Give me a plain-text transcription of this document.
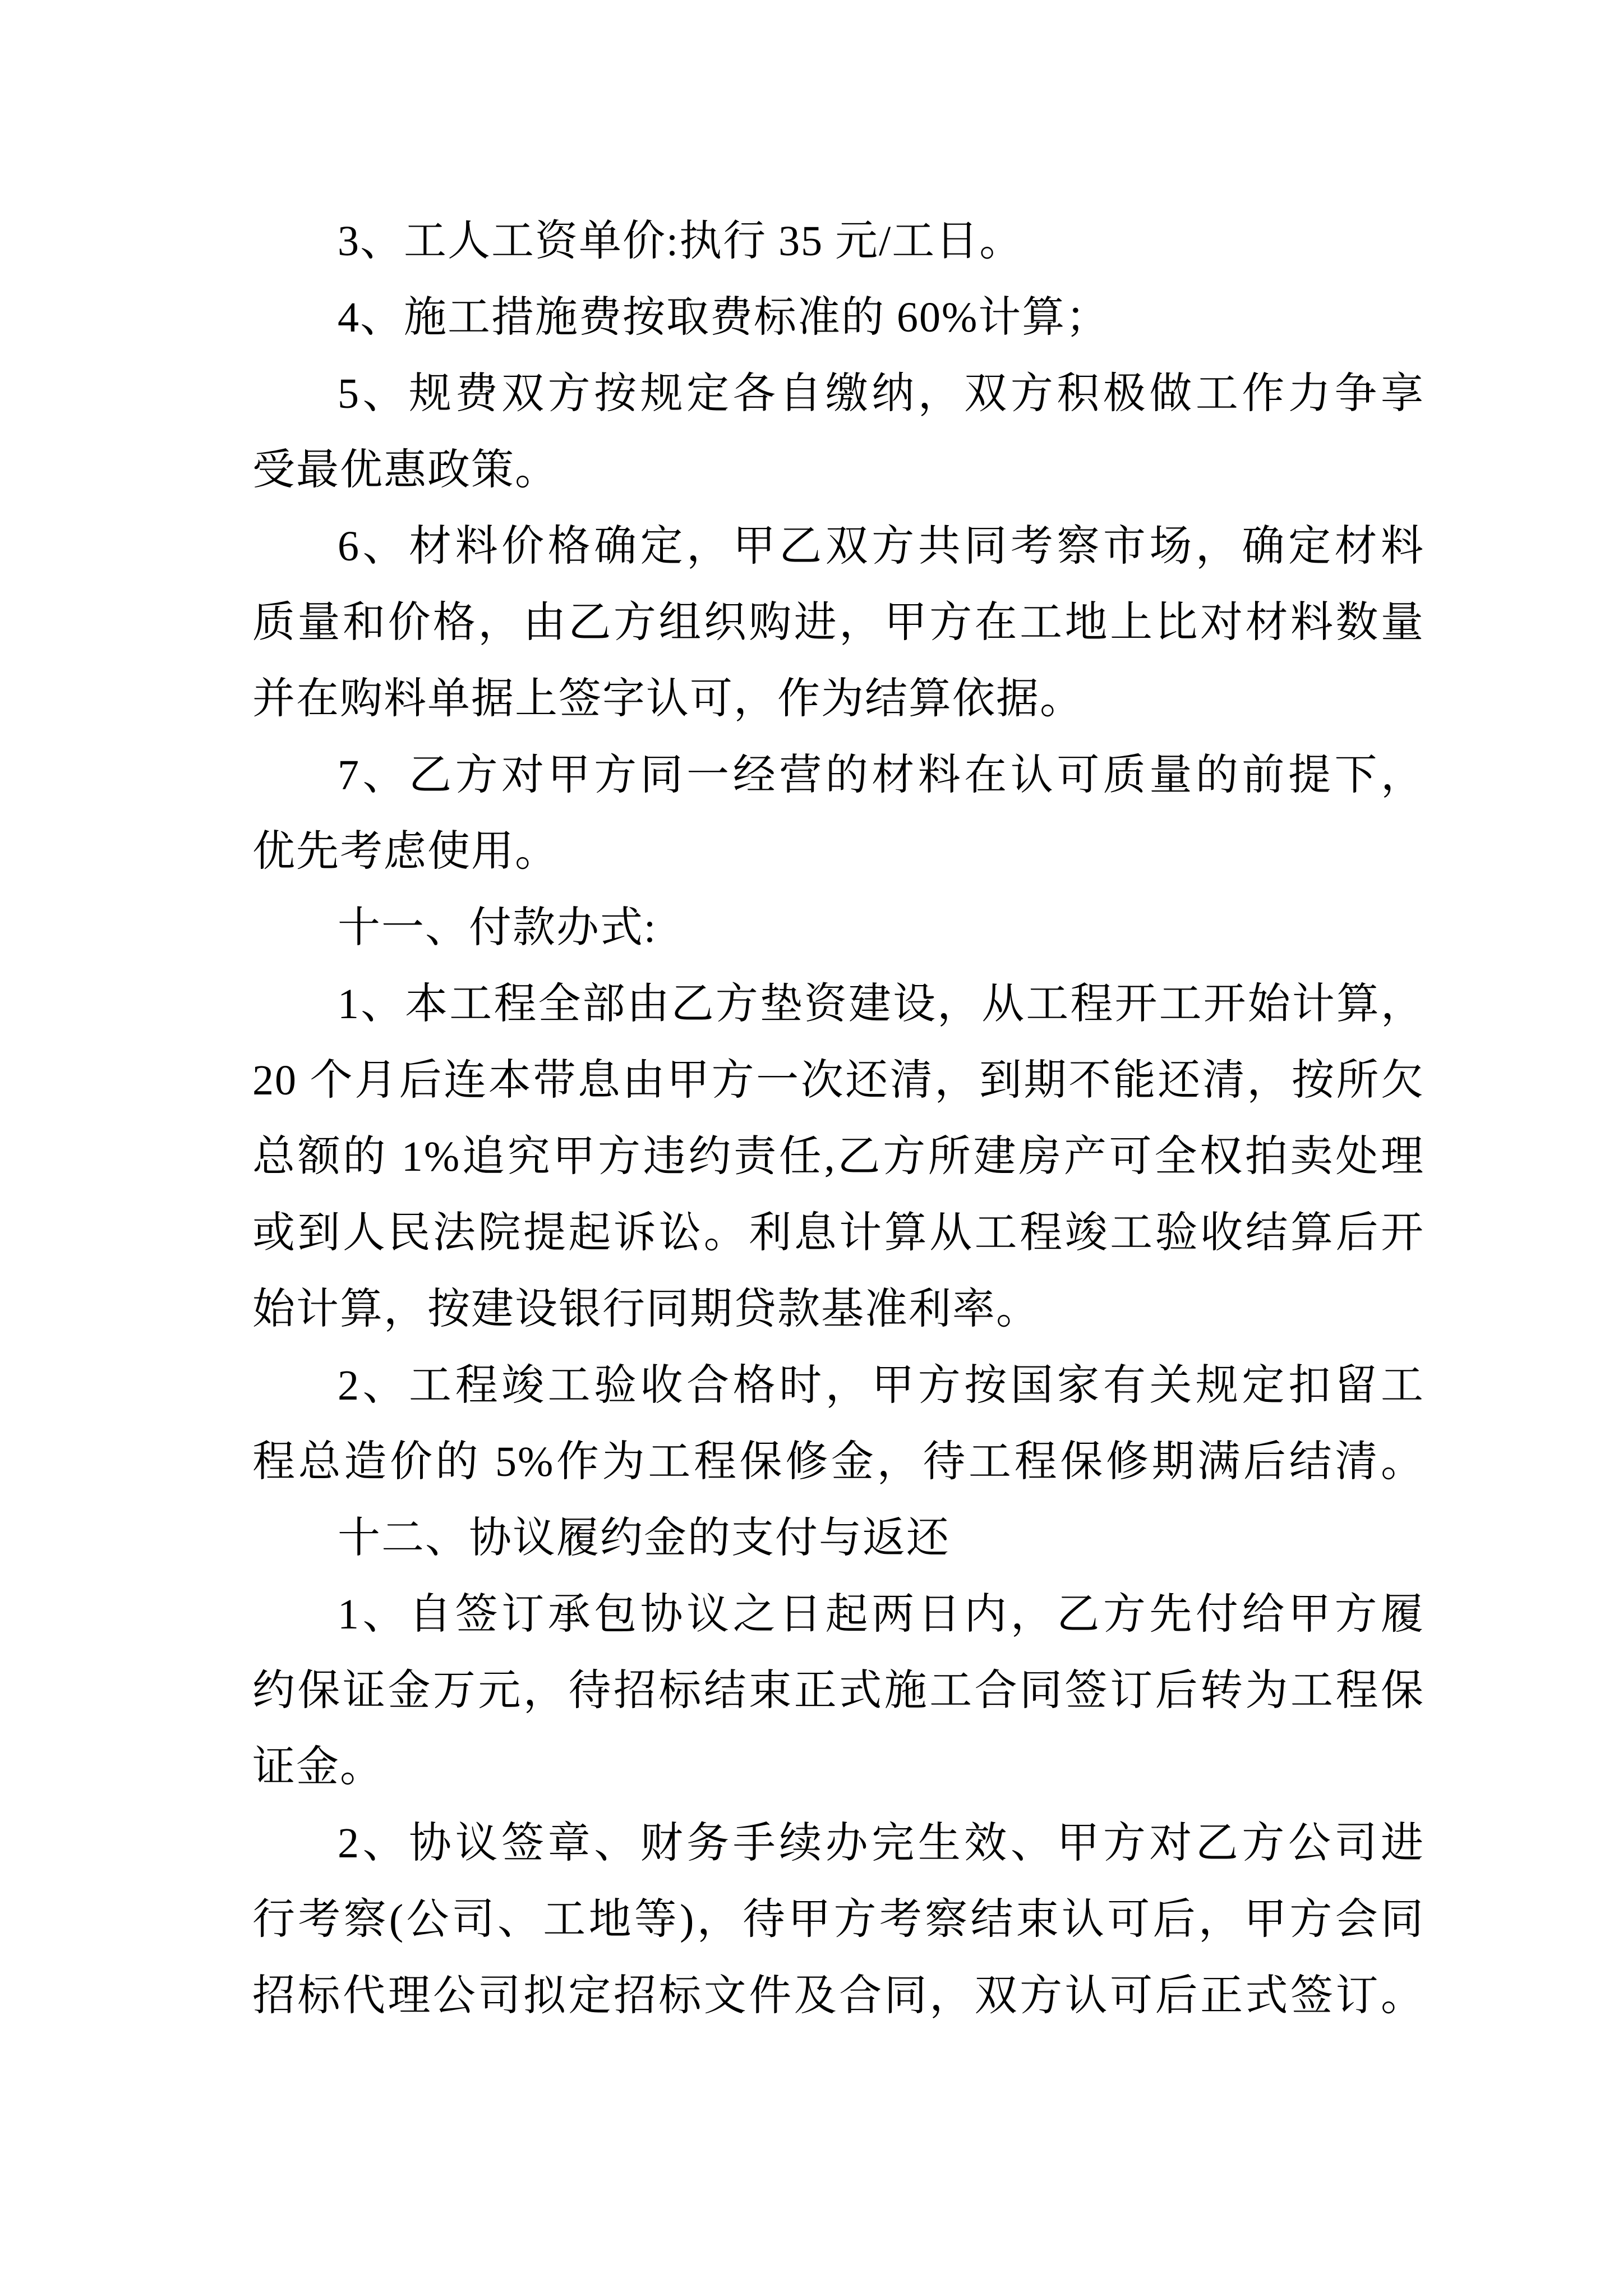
3、工人工资单价:执行 35 元/工日。
4、施工措施费按取费标准的 60%计算；
5、规费双方按规定各自缴纳，双方积极做工作力争享
受最优惠政策。
6、材料价格确定，甲乙双方共同考察市场，确定材料
质量和价格，由乙方组织购进，甲方在工地上比对材料数量
并在购料单据上签字认可，作为结算依据。
7、乙方对甲方同一经营的材料在认可质量的前提下，
优先考虑使用。
十一、付款办式:
1、本工程全部由乙方垫资建设，从工程开工开始计算，
20 个月后连本带息由甲方一次还清，到期不能还清，按所欠
总额的 1%追究甲方违约责任,乙方所建房产可全权拍卖处理
或到人民法院提起诉讼。利息计算从工程竣工验收结算后开
始计算，按建设银行同期贷款基准利率。
2、工程竣工验收合格时，甲方按国家有关规定扣留工
程总造价的 5%作为工程保修金，待工程保修期满后结清。
十二、协议履约金的支付与返还
1、自签订承包协议之日起两日内，乙方先付给甲方履
约保证金万元，待招标结束正式施工合同签订后转为工程保
证金。
2、协议签章、财务手续办完生效、甲方对乙方公司进
行考察(公司、工地等)，待甲方考察结束认可后，甲方会同
招标代理公司拟定招标文件及合同，双方认可后正式签订。
